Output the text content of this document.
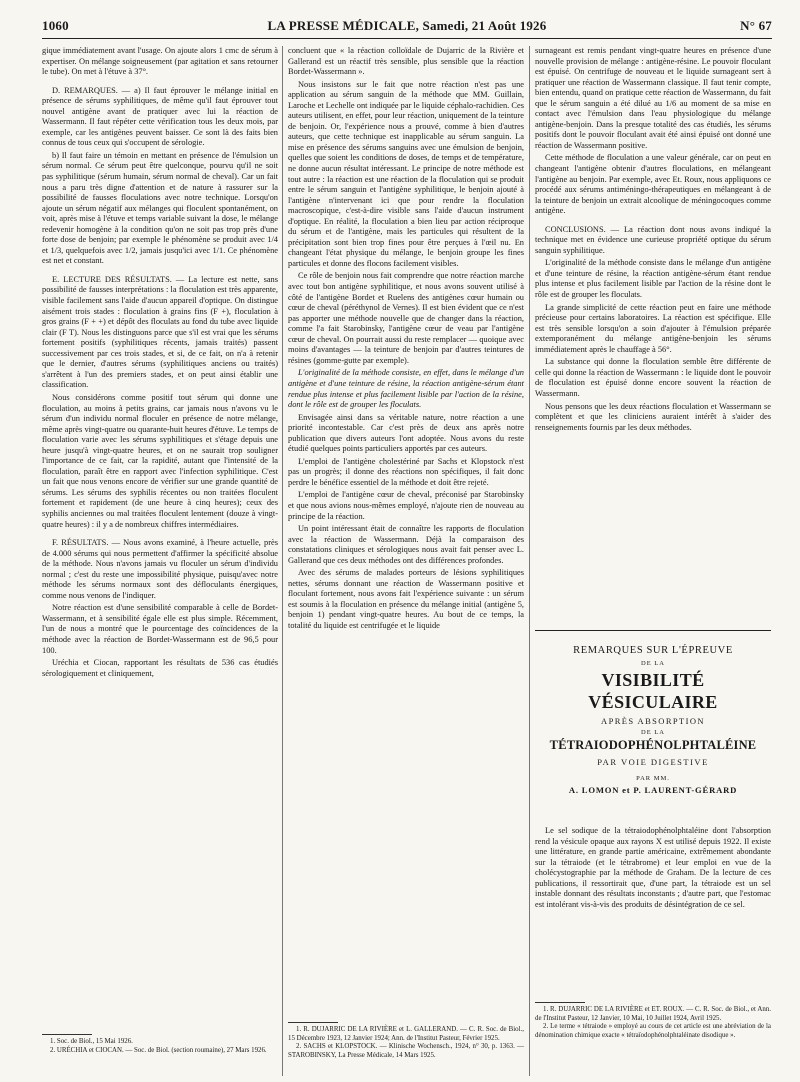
1060	LA PRESSE MÉDICALE, Samedi, 21 Août 1926	N° 67

gique immédiatement avant l'usage. On ajoute alors 1 cmc de sérum à expertiser. On mélange soigneusement (par agitation et sans retourner le tube). On met à l'étuve à 37°.

D. REMARQUES. — a) Il faut éprouver le mélange initial en présence de sérums syphilitiques, de même qu'il faut éprouver tout nouvel antigène avant de pratiquer avec lui la réaction de Wassermann. Il faut répéter cette vérification tous les deux mois, par exemple, car les antigènes peuvent baisser. Ce sont là des faits bien connus de tous ceux qui s'occupent de sérologie.

b) Il faut faire un témoin en mettant en présence de l'émulsion un sérum normal. Ce sérum peut être quelconque, pourvu qu'il ne soit pas syphilitique (sérum humain, sérum normal de cheval). Car un fait nous a paru très digne d'attention et de nature à rassurer sur la possibilité de fausses floculations avec notre technique. Lorsqu'on ajoute un sérum négatif aux mélanges qui floculent spontanément, on voit, après mise à l'étuve et temps variable suivant la dose, le mélange redevenir homogène à la condition qu'on ne soit pas trop près d'une forte dose de benjoin; par exemple le phénomène se produit avec 1/4 et 1/3, quelquefois avec 1/2, jamais jusqu'ici avec 1/1. Ce phénomène est net et constant.

E. LECTURE DES RÉSULTATS. — La lecture est nette, sans possibilité de fausses interprétations : la floculation est très apparente, visible facilement sans l'aide d'aucun appareil d'optique. On distingue aisément trois stades : floculation à grains fins (F +), floculation à gros grains (F + +) et dépôt des floculats au fond du tube avec liquide clair (F T). Nous les distinguons parce que s'il est vrai que les sérums fortement positifs (syphilitiques récents, jamais traités) passent successivement par ces trois stades, et si, de ce fait, on n'a à retenir que le dernier, d'autres sérums (syphilitiques anciens ou traités) s'arrêtent à l'un des premiers stades, et on peut ainsi établir une classification.

Nous considérons comme positif tout sérum qui donne une floculation, au moins à petits grains, car jamais nous n'avons vu le sérum d'un individu normal floculer en présence de notre mélange, même après vingt-quatre ou quarante-huit heures d'étuve. Le temps de floculation varie avec les sérums syphilitiques et s'étage depuis une heure jusqu'à vingt-quatre heures, et on ne saurait trop souligner l'importance de ce fait, car la rapidité, autant que l'intensité de la floculation, paraît être en rapport avec l'infection syphilitique. C'est un fait que nous venons encore de vérifier sur une grande quantité de sérums. Les sérums des syphilis récentes ou non traitées floculent fortement et rapidement (de une heure à cinq heures); ceux des syphilis anciennes ou mal traitées floculent lentement (douze à vingt-quatre heures) : il y a de nombreux chiffres intermédiaires.

F. RÉSULTATS. — Nous avons examiné, à l'heure actuelle, près de 4.000 sérums qui nous permettent d'affirmer la spécificité absolue de la méthode. Nous n'avons jamais vu floculer un sérum d'individu normal ; c'est du reste une impossibilité physique, puisqu'avec notre méthode les sérums normaux sont des défloculants énergiques, comme nous venons de l'indiquer.

Notre réaction est d'une sensibilité comparable à celle de Bordet-Wassermann, et à sensibilité égale elle est plus simple. Récemment, l'un de nous a montré que le pourcentage des coïncidences de la méthode avec la réaction de Bordet-Wassermann est de 96,5 pour 100.

Uréchia et Ciocan, rapportant les résultats de 536 cas étudiés sérologiquement et cliniquement,

1. Soc. de Biol., 15 Mai 1926.

2. URÉCHIA et CIOCAN. — Soc. de Biol. (section roumaine), 27 Mars 1926.

concluent que « la réaction colloïdale de Dujarric de la Rivière et Gallerand est un réactif très sensible, plus sensible que la réaction Bordet-Wassermann ».

Nous insistons sur le fait que notre réaction n'est pas une application au sérum sanguin de la méthode que MM. Guillain, Laroche et Lechelle ont indiquée par le liquide céphalo-rachidien. Ces auteurs utilisent, en effet, pour leur réaction, uniquement de la teinture de benjoin. Or, l'expérience nous a prouvé, comme à bien d'autres auteurs, que cette technique est inapplicable au sérum sanguin. La mise en présence des sérums sanguins avec une émulsion de benjoin, quelles que soient les conditions de doses, de temps et de température, ne donne aucun résultat intéressant. Le principe de notre méthode est tout autre : la réaction est une réaction de la floculation qui se produit entre le sérum sanguin et l'antigène syphilitique, le benjoin ajouté à l'antigène n'intervenant ici que pour rendre la floculation macroscopique, c'est-à-dire visible sans l'aide d'aucun instrument d'optique. En réalité, la floculation a bien lieu par action réciproque du sérum et de l'antigène, mais les particules qui résultent de la précipitation sont bien trop fines pour être perçues à l'œil nu. En changeant l'état physique du mélange, le benjoin groupe les fines particules et donne des flocons facilement visibles.

Ce rôle de benjoin nous fait comprendre que notre réaction marche avec tout bon antigène syphilitique, et nous avons souvent utilisé à côté de l'antigène Bordet et Ruelens des antigènes cœur humain ou cœur de cheval (péréthynol de Vernes). Il est bien évident que ce n'est pas apporter une méthode nouvelle que de changer dans la réaction, comme l'a fait Starobinsky, l'antigène cœur de veau par l'antigène cœur de cheval. On pourrait aussi du reste remplacer — quoique avec moins d'avantages — la teinture de benjoin par d'autres teintures de résines (gomme-gutte par exemple).

L'originalité de la méthode consiste, en effet, dans le mélange d'un antigène et d'une teinture de résine, la réaction antigène-sérum étant rendue plus intense et plus facilement lisible par l'action de la résine, dont le rôle est de grouper les floculats.

Envisagée ainsi dans sa véritable nature, notre réaction a une priorité incontestable. Car c'est près de deux ans après notre publication que divers auteurs l'ont adoptée. Nous avons du reste étudié quelques points particuliers apportés par ces auteurs.

L'emploi de l'antigène cholestériné par Sachs et Klopstock n'est pas un progrès; il donne des réactions non spécifiques, il fait donc perdre le bénéfice essentiel de la méthode et doit être rejeté.

L'emploi de l'antigène cœur de cheval, préconisé par Starobinsky et que nous avions nous-mêmes employé, n'ajoute rien de nouveau au principe de la réaction.

Un point intéressant était de connaître les rapports de floculation avec la réaction de Wassermann. Déjà la comparaison des constatations cliniques et sérologiques nous avait fait penser avec L. Gallerand que ces deux méthodes ont des différences profondes.

Avec des sérums de malades porteurs de lésions syphilitiques nettes, sérums donnant une réaction de Wassermann positive et floculant fortement, nous avons fait l'expérience suivante : un sérum est soumis à la floculation en présence du mélange initial (antigène 5, benjoin 1) pendant vingt-quatre heures. Au bout de ce temps, la totalité du liquide est centrifugée et le liquide

1. R. DUJARRIC DE LA RIVIÈRE et L. GALLERAND. — C. R. Soc. de Biol., 15 Décembre 1923, 12 Janvier 1924; Ann. de l'Institut Pasteur, Février 1925.

2. SACHS et KLOPSTOCK. — Klinische Wochensch., 1924, n° 30, p. 1363. — STAROBINSKY, La Presse Médicale, 14 Mars 1925.

surnageant est remis pendant vingt-quatre heures en présence d'une nouvelle provision de mélange : antigène-résine. Le pouvoir floculant est épuisé. On centrifuge de nouveau et le liquide surnageant sert à pratiquer une réaction de Wassermann classique. Il faut tenir compte, bien entendu, quand on pratique cette réaction de Wassermann, du fait que le sérum sanguin a été dilué au 1/6 au moment de sa mise en contact avec l'émulsion dans l'eau physiologique du mélange antigène-benjoin. Dans la presque totalité des cas étudiés, les sérums positifs dont le pouvoir floculant avait été ainsi épuisé ont donné une réaction de Wassermann positive.

Cette méthode de floculation a une valeur générale, car on peut en changeant l'antigène obtenir d'autres floculations, en mélangeant l'antigène au benjoin. Par exemple, avec Et. Roux, nous appliquons ce procédé aux sérums antiméningo-thérapeutiques en mélangeant à de la teinture de benjoin un extrait alcoolique de méningocoques comme antigène.

CONCLUSIONS. — La réaction dont nous avons indiqué la technique met en évidence une curieuse propriété optique du sérum sanguin syphilitique.

L'originalité de la méthode consiste dans le mélange d'un antigène et d'une teinture de résine, la réaction antigène-sérum étant rendue plus intense et plus facilement lisible par l'action de la résine dont le rôle est de grouper les floculats.

La grande simplicité de cette réaction peut en faire une méthode précieuse pour certains laboratoires. La réaction est spécifique. Elle est très sensible lorsqu'on a soin d'ajouter à l'émulsion préparée extemporanément du mélange antigène-benjoin les sérums immédiatement après le chauffage à 56°.

La substance qui donne la floculation semble être différente de celle qui donne la réaction de Wassermann : le liquide dont le pouvoir de floculation est épuisé donne encore souvent la réaction de Wassermann.

Nous pensons que les deux réactions floculation et Wassermann se complètent et que les cliniciens auraient intérêt à s'aider des renseignements fournis par les deux méthodes.

REMARQUES SUR L'ÉPREUVE
DE LA
VISIBILITÉ VÉSICULAIRE
APRÈS ABSORPTION
DE LA
TÉTRAIODOPHÉNOLPHTALÉINE
PAR VOIE DIGESTIVE
PAR MM.
A. LOMON et P. LAURENT-GÉRARD

Le sel sodique de la tétraiodophénolphtaléine dont l'absorption rend la vésicule opaque aux rayons X est utilisé depuis 1922. Il existe une littérature, en grande partie américaine, extrêmement abondante sur la tétraiode (et le tétrabrome) et leur emploi en vue de la cholécystographie par la méthode de Graham. De la lecture de ces publications, il ressortirait que, d'une part, la tétraiode est un sel instable donnant des résultats inconstants ; d'autre part, que l'estomac est intolérant vis-à-vis des produits de désintégration de ce sel.

1. R. DUJARRIC DE LA RIVIÈRE et ET. ROUX. — C. R. Soc. de Biol., et Ann. de l'Institut Pasteur, 12 Janvier, 10 Mai, 10 Juillet 1924, Avril 1925.

2. Le terme « tétraiode » employé au cours de cet article est une abréviation de la dénomination chimique exacte « tétraïodophénolphtaléinate disodique ».
